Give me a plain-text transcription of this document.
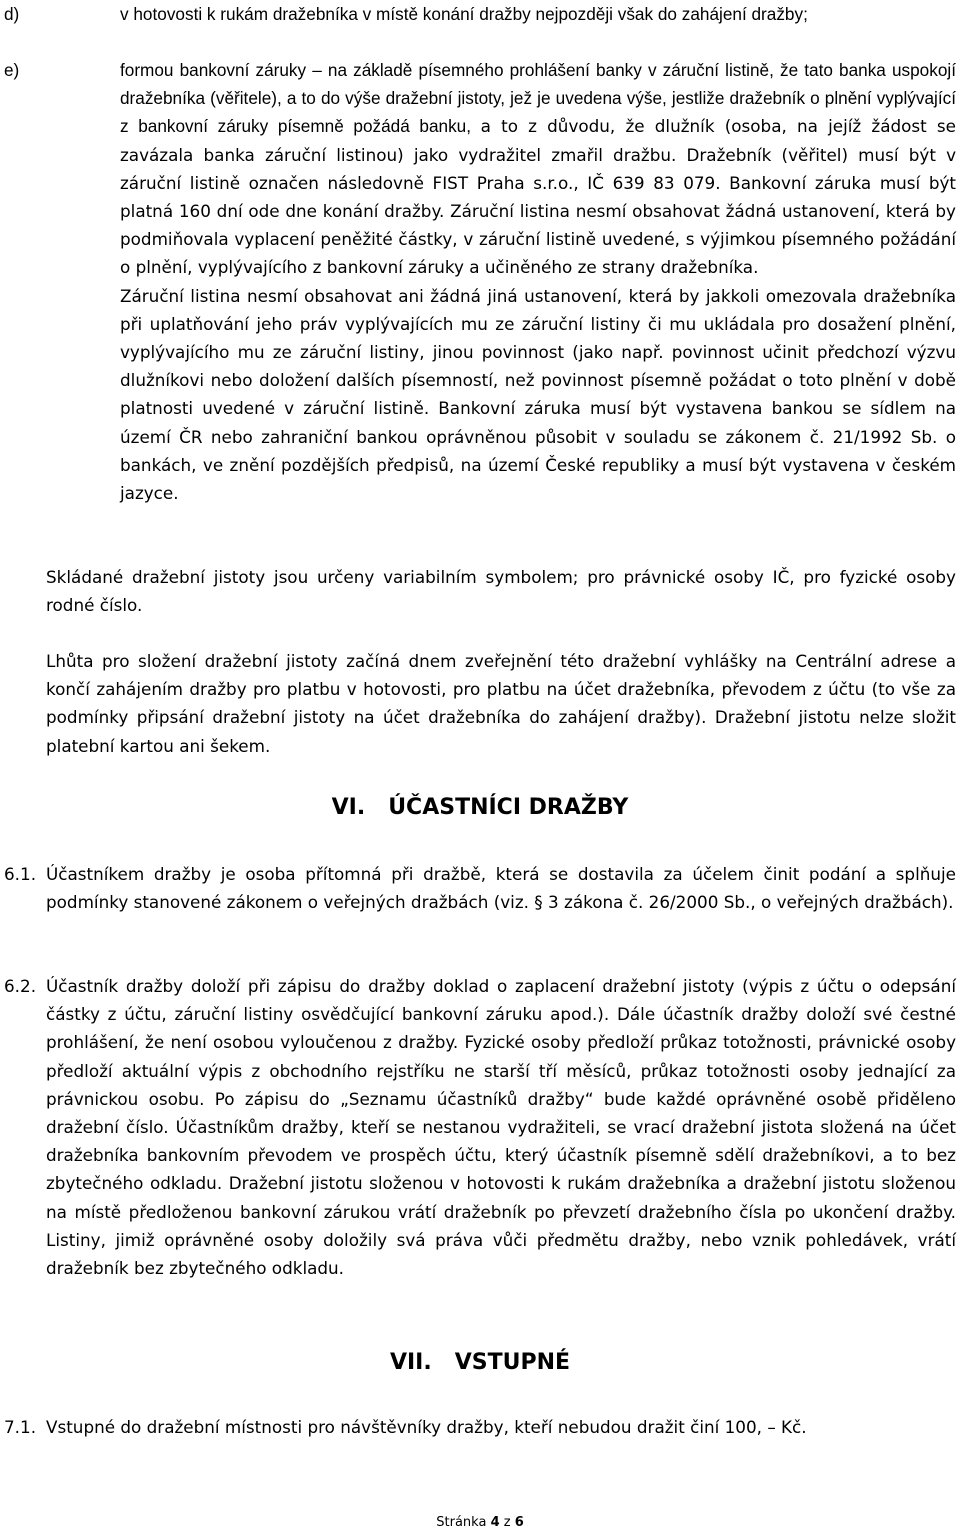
d)	v hotovosti k rukám dražebníka v místě konání dražby nejpozději však do zahájení dražby;

e)	formou bankovní záruky – na základě písemného prohlášení banky v záruční listině, že tato banka uspokojí dražebníka (věřitele), a to do výše dražební jistoty, jež je uvedena výše, jestliže dražebník o plnění vyplývající z bankovní záruky písemně požádá banku, a to z důvodu, že dlužník (osoba, na jejíž žádost se zavázala banka záruční listinou) jako vydražitel zmařil dražbu. Dražebník (věřitel) musí být v záruční listině označen následovně FIST Praha s.r.o., IČ 639 83 079. Bankovní záruka musí být platná 160 dní ode dne konání dražby. Záruční listina nesmí obsahovat žádná ustanovení, která by podmiňovala vyplacení peněžité částky, v záruční listině uvedené, s výjimkou písemného požádání o plnění, vyplývajícího z bankovní záruky a učiněného ze strany dražebníka.

Záruční listina nesmí obsahovat ani žádná jiná ustanovení, která by jakkoli omezovala dražebníka při uplatňování jeho práv vyplývajících mu ze záruční listiny či mu ukládala pro dosažení plnění, vyplývajícího mu ze záruční listiny, jinou povinnost (jako např. povinnost učinit předchozí výzvu dlužníkovi nebo doložení dalších písemností, než povinnost písemně požádat o toto plnění v době platnosti uvedené v záruční listině. Bankovní záruka musí být vystavena bankou se sídlem na území ČR nebo zahraniční bankou oprávněnou působit v souladu se zákonem č. 21/1992 Sb. o bankách, ve znění pozdějších předpisů, na území České republiky a musí být vystavena v českém jazyce.

Skládané dražební jistoty jsou určeny variabilním symbolem; pro právnické osoby IČ, pro fyzické osoby rodné číslo.

Lhůta pro složení dražební jistoty začíná dnem zveřejnění této dražební vyhlášky na Centrální adrese a končí zahájením dražby pro platbu v hotovosti, pro platbu na účet dražebníka, převodem z účtu (to vše za podmínky připsání dražební jistoty na účet dražebníka do zahájení dražby). Dražební jistotu nelze složit platební kartou ani šekem.

VI.   ÚČASTNÍCI DRAŽBY
6.1. Účastníkem dražby je osoba přítomná při dražbě, která se dostavila za účelem činit podání a splňuje podmínky stanovené zákonem o veřejných dražbách (viz. § 3 zákona č. 26/2000 Sb., o veřejných dražbách).

6.2. Účastník dražby doloží při zápisu do dražby doklad o zaplacení dražební jistoty (výpis z účtu o odepsání částky z účtu, záruční listiny osvědčující bankovní záruku apod.). Dále účastník dražby doloží své čestné prohlášení, že není osobou vyloučenou z dražby. Fyzické osoby předloží průkaz totožnosti, právnické osoby předloží aktuální výpis z obchodního rejstříku ne starší tří měsíců, průkaz totožnosti osoby jednající za právnickou osobu. Po zápisu do „Seznamu účastníků dražby“ bude každé oprávněné osobě přiděleno dražební číslo. Účastníkům dražby, kteří se nestanou vydražiteli, se vrací dražební jistota složená na účet dražebníka bankovním převodem ve prospěch účtu, který účastník písemně sdělí dražebníkovi, a to bez zbytečného odkladu. Dražební jistotu složenou v hotovosti k rukám dražebníka a dražební jistotu složenou na místě předloženou bankovní zárukou vrátí dražebník po převzetí dražebního čísla po ukončení dražby. Listiny, jimiž oprávněné osoby doložily svá práva vůči předmětu dražby, nebo vznik pohledávek, vrátí dražebník bez zbytečného odkladu.

VII.   VSTUPNÉ
7.1. Vstupné do dražební místnosti pro návštěvníky dražby, kteří nebudou dražit činí 100, – Kč.

Stránka 4 z 6
